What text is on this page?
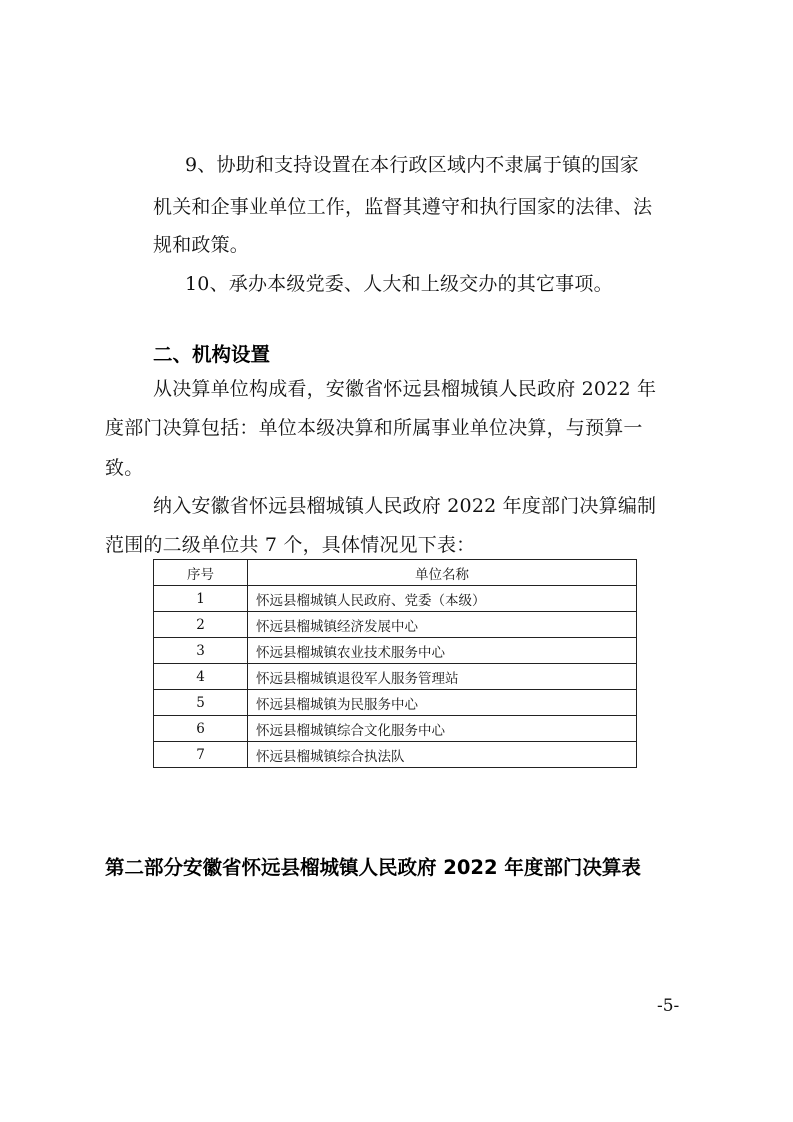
9、协助和支持设置在本行政区域内不隶属于镇的国家
机关和企事业单位工作，监督其遵守和执行国家的法律、法
规和政策。
10、承办本级党委、人大和上级交办的其它事项。
二、机构设置
从决算单位构成看，安徽省怀远县榴城镇人民政府 2022 年
度部门决算包括：单位本级决算和所属事业单位决算，与预算一
致。
纳入安徽省怀远县榴城镇人民政府 2022 年度部门决算编制
范围的二级单位共 7 个，具体情况见下表：
序号	单位名称
1	怀远县榴城镇人民政府、党委（本级）
2	怀远县榴城镇经济发展中心
3	怀远县榴城镇农业技术服务中心
4	怀远县榴城镇退役军人服务管理站
5	怀远县榴城镇为民服务中心
6	怀远县榴城镇综合文化服务中心
7	怀远县榴城镇综合执法队
第二部分安徽省怀远县榴城镇人民政府 2022 年度部门决算表
-5-
